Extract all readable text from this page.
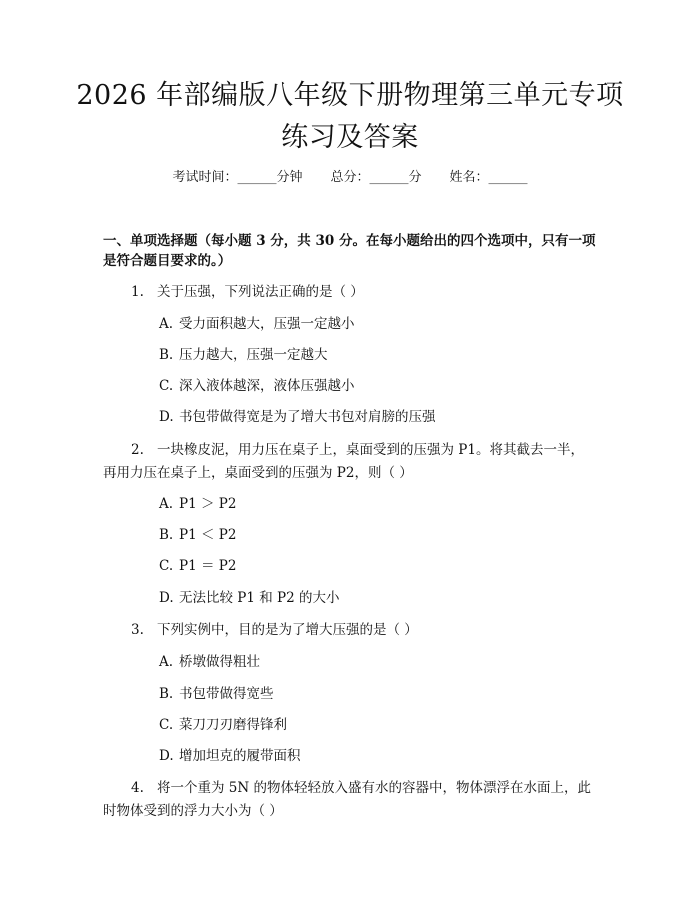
2026 年部编版八年级下册物理第三单元专项
练习及答案
考试时间：______分钟 总分：______分 姓名：______
一、单项选择题（每小题 3 分，共 30 分。在每小题给出的四个选项中，只有一项
是符合题目要求的。）
1. 关于压强，下列说法正确的是（ ）
A. 受力面积越大，压强一定越小
B. 压力越大，压强一定越大
C. 深入液体越深，液体压强越小
D. 书包带做得宽是为了增大书包对肩膀的压强
2. 一块橡皮泥，用力压在桌子上，桌面受到的压强为 P1。将其截去一半，
再用力压在桌子上，桌面受到的压强为 P2，则（ ）
A. P1 ＞ P2
B. P1 ＜ P2
C. P1 ＝ P2
D. 无法比较 P1 和 P2 的大小
3. 下列实例中，目的是为了增大压强的是（ ）
A. 桥墩做得粗壮
B. 书包带做得宽些
C. 菜刀刀刃磨得锋利
D. 增加坦克的履带面积
4. 将一个重为 5N 的物体轻轻放入盛有水的容器中，物体漂浮在水面上，此
时物体受到的浮力大小为（ ）
